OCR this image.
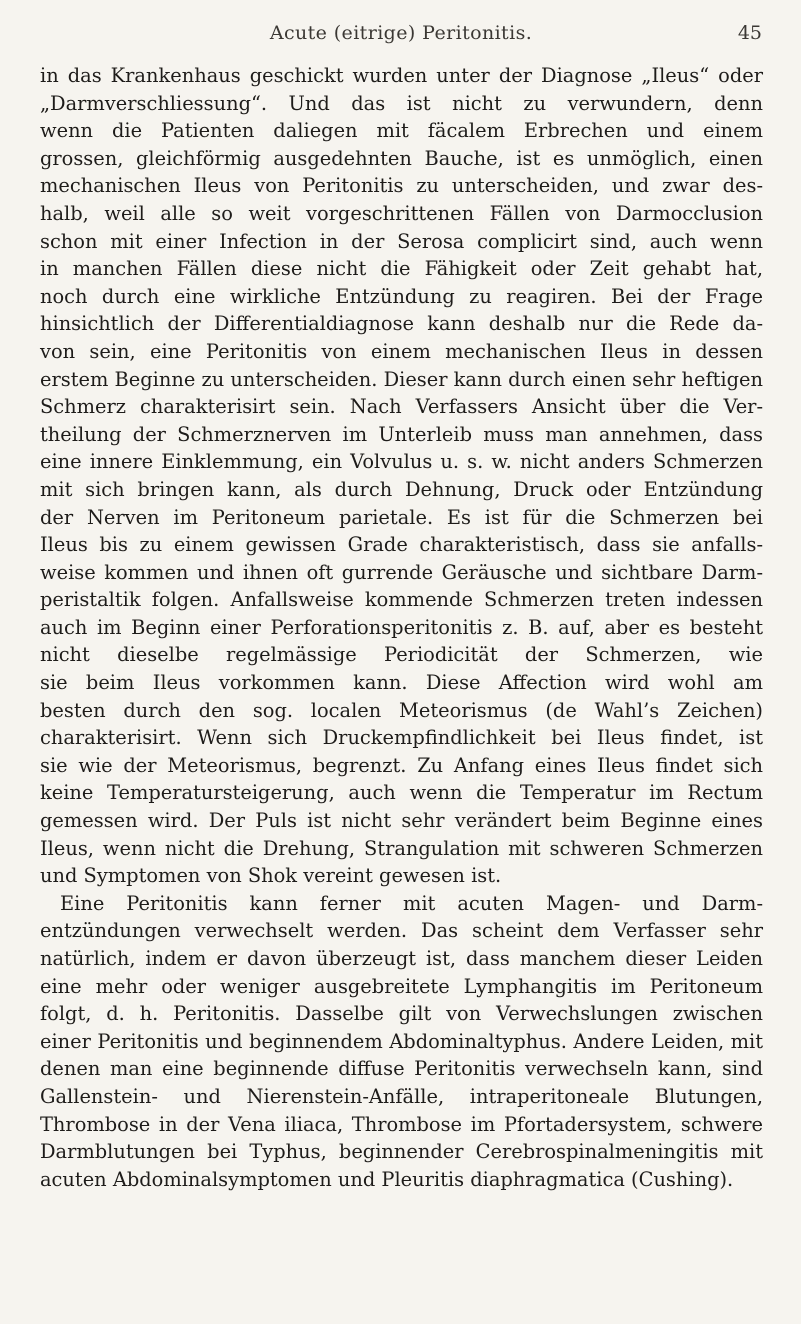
Acute (eitrige) Peritonitis.	45
in das Krankenhaus geschickt wurden unter der Diagnose „Ileus“ oder
„Darmverschliessung“. Und das ist nicht zu verwundern, denn
wenn die Patienten daliegen mit fäcalem Erbrechen und einem
grossen, gleichförmig ausgedehnten Bauche, ist es unmöglich, einen
mechanischen Ileus von Peritonitis zu unterscheiden, und zwar des-
halb, weil alle so weit vorgeschrittenen Fällen von Darmocclusion
schon mit einer Infection in der Serosa complicirt sind, auch wenn
in manchen Fällen diese nicht die Fähigkeit oder Zeit gehabt hat,
noch durch eine wirkliche Entzündung zu reagiren. Bei der Frage
hinsichtlich der Differentialdiagnose kann deshalb nur die Rede da-
von sein, eine Peritonitis von einem mechanischen Ileus in dessen
erstem Beginne zu unterscheiden. Dieser kann durch einen sehr heftigen
Schmerz charakterisirt sein. Nach Verfassers Ansicht über die Ver-
theilung der Schmerznerven im Unterleib muss man annehmen, dass
eine innere Einklemmung, ein Volvulus u. s. w. nicht anders Schmerzen
mit sich bringen kann, als durch Dehnung, Druck oder Entzündung
der Nerven im Peritoneum parietale. Es ist für die Schmerzen bei
Ileus bis zu einem gewissen Grade charakteristisch, dass sie anfalls-
weise kommen und ihnen oft gurrende Geräusche und sichtbare Darm-
peristaltik folgen. Anfallsweise kommende Schmerzen treten indessen
auch im Beginn einer Perforationsperitonitis z. B. auf, aber es besteht
nicht dieselbe regelmässige Periodicität der Schmerzen, wie
sie beim Ileus vorkommen kann. Diese Affection wird wohl am
besten durch den sog. localen Meteorismus (de Wahl’s Zeichen)
charakterisirt. Wenn sich Druckempfindlichkeit bei Ileus findet, ist
sie wie der Meteorismus, begrenzt. Zu Anfang eines Ileus findet sich
keine Temperatursteigerung, auch wenn die Temperatur im Rectum
gemessen wird. Der Puls ist nicht sehr verändert beim Beginne eines
Ileus, wenn nicht die Drehung, Strangulation mit schweren Schmerzen
und Symptomen von Shok vereint gewesen ist.
Eine Peritonitis kann ferner mit acuten Magen- und Darm-
entzündungen verwechselt werden. Das scheint dem Verfasser sehr
natürlich, indem er davon überzeugt ist, dass manchem dieser Leiden
eine mehr oder weniger ausgebreitete Lymphangitis im Peritoneum
folgt, d. h. Peritonitis. Dasselbe gilt von Verwechslungen zwischen
einer Peritonitis und beginnendem Abdominaltyphus. Andere Leiden, mit
denen man eine beginnende diffuse Peritonitis verwechseln kann, sind
Gallenstein- und Nierenstein-Anfälle, intraperitoneale Blutungen,
Thrombose in der Vena iliaca, Thrombose im Pfortadersystem, schwere
Darmblutungen bei Typhus, beginnender Cerebrospinalmeningitis mit
acuten Abdominalsymptomen und Pleuritis diaphragmatica (Cushing).
